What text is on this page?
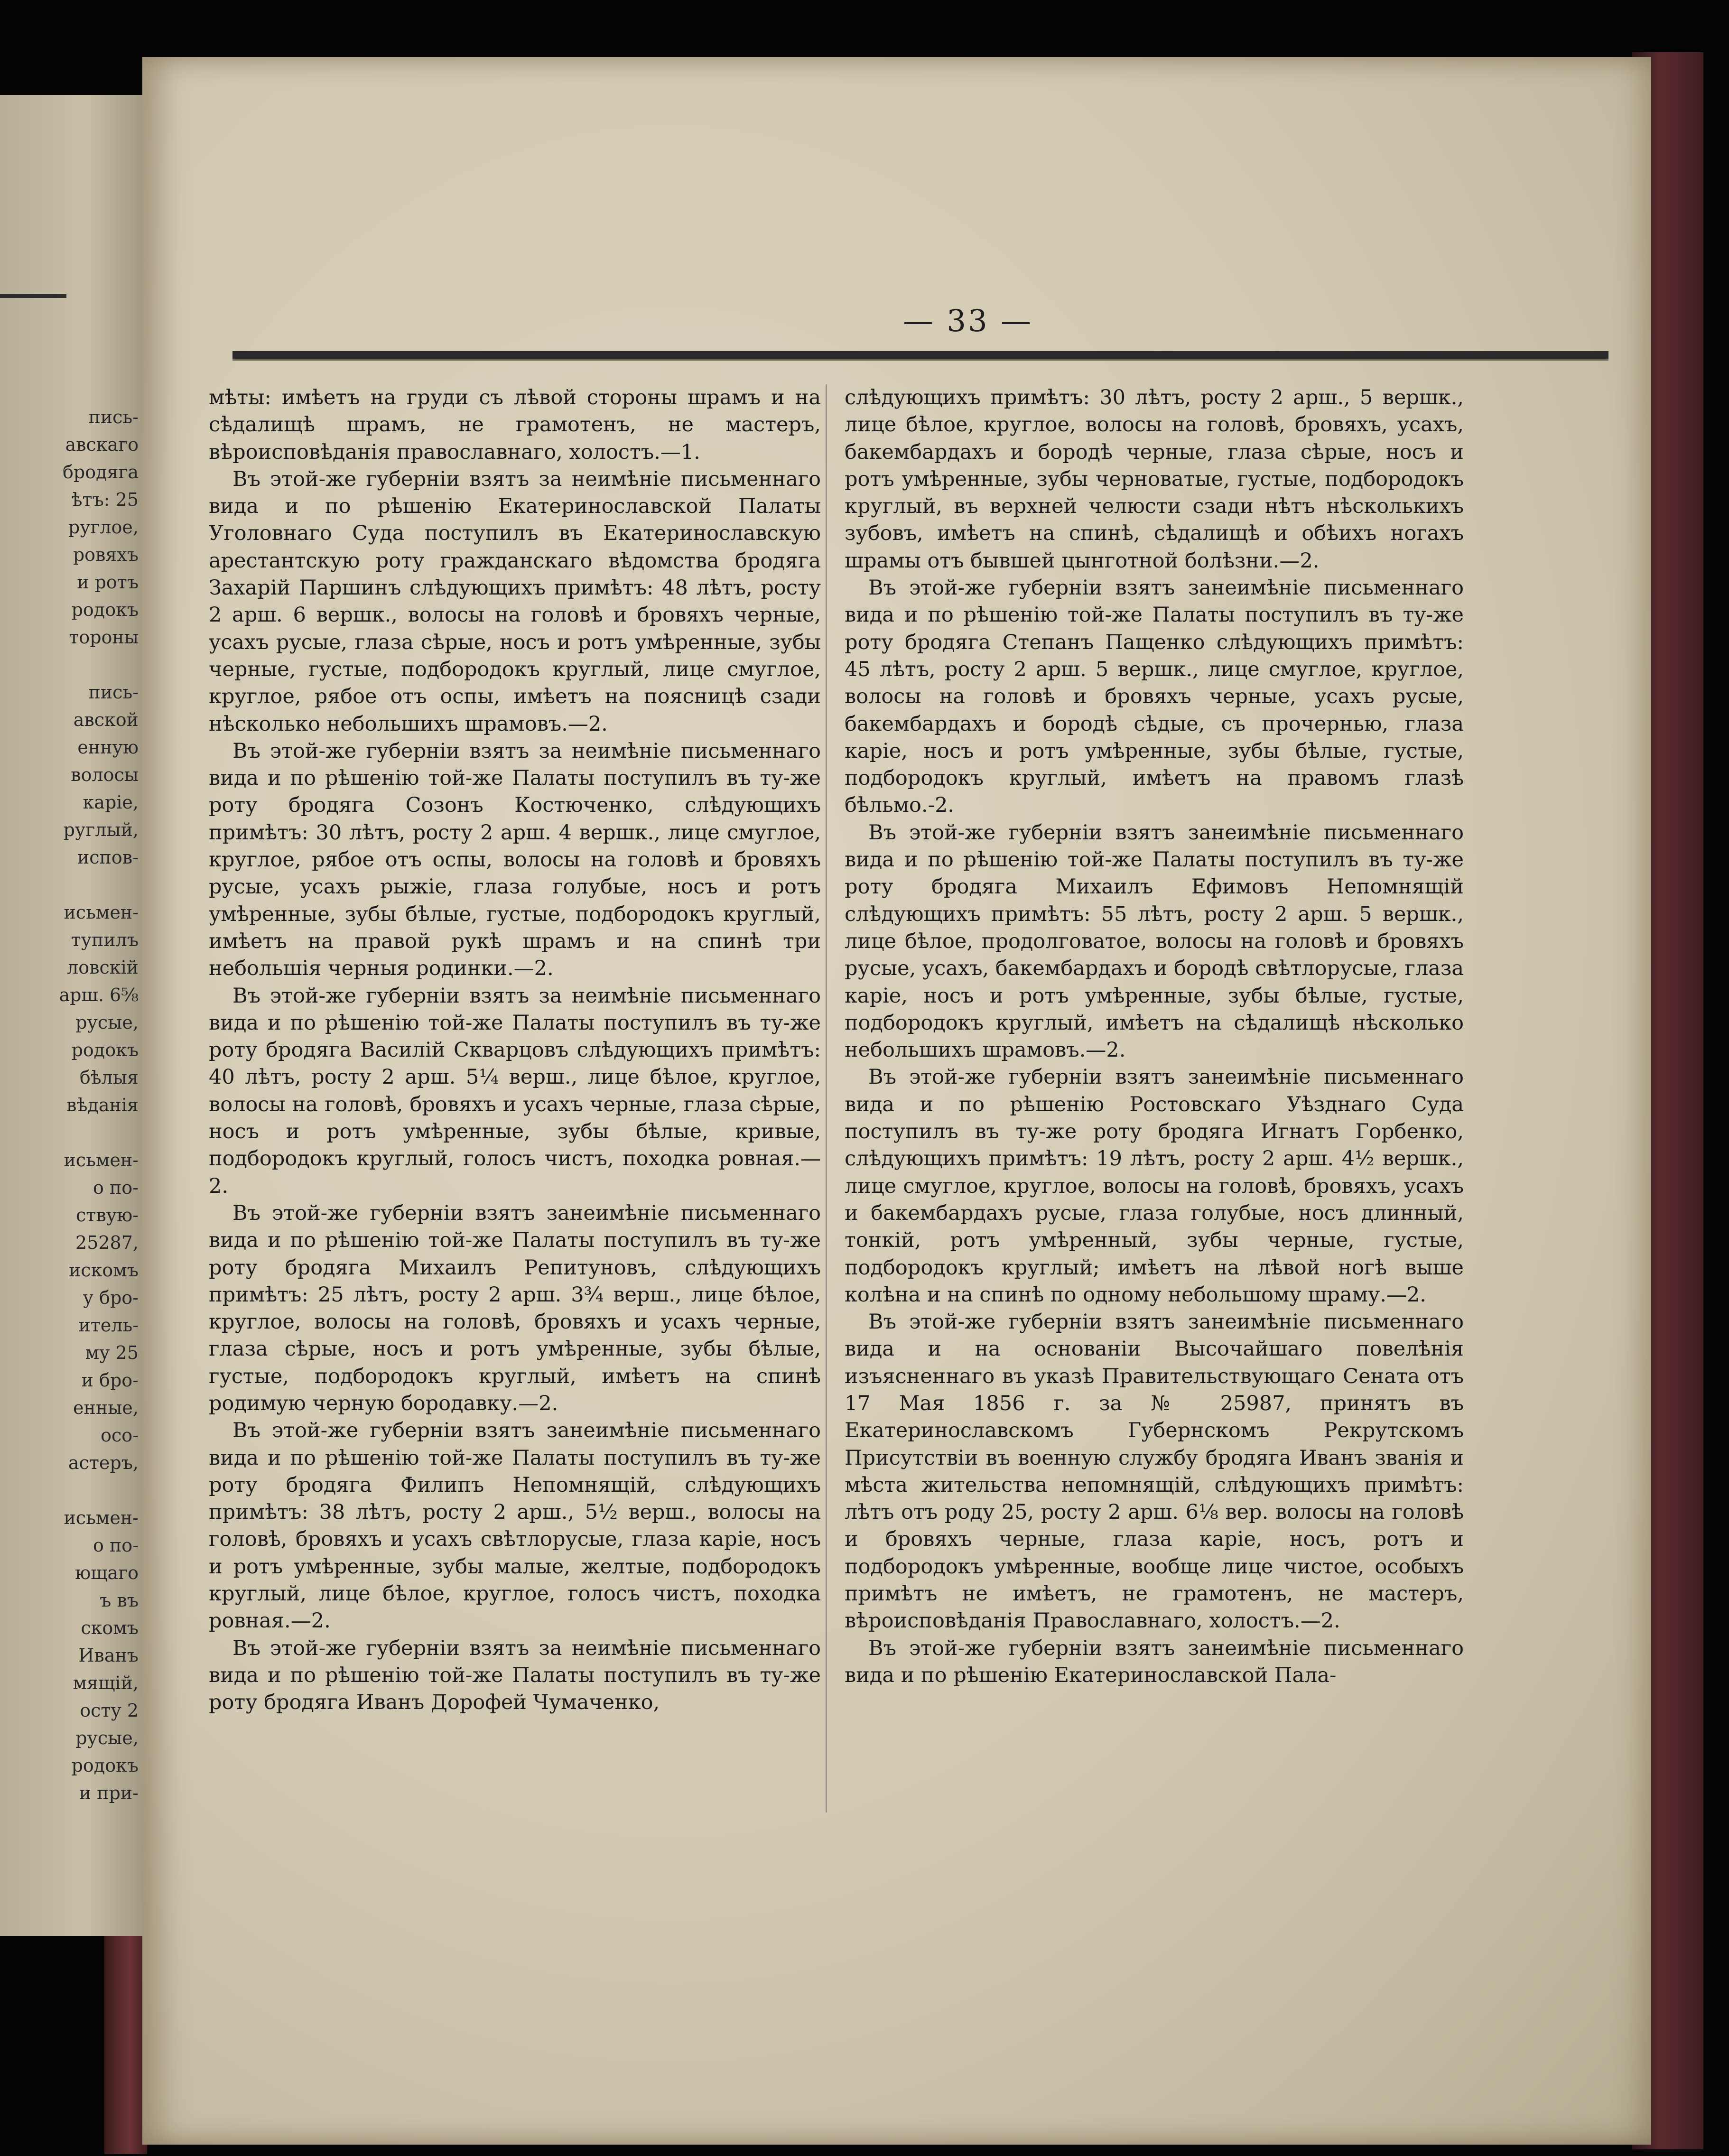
пись-
авскаго
бродяга
ѣтъ: 25
руглое,
ровяхъ
и ротъ
родокъ
тороны
пись-
авской
енную
волосы
каріе,
руглый,
испов-
исьмен-
тупилъ
ловскій
арш. 6⅝
русые,
родокъ
бѣлыя
вѣданія
исьмен-
о по-
ствую-
25287,
искомъ
у бро-
итель-
му 25
и бро-
енные,
осо-
астеръ,
исьмен-
о по-
ющаго
ъ въ
скомъ
Иванъ
мящій,
осту 2
русые,
родокъ
и при-
— 33 —

мѣты: имѣетъ на груди съ лѣвой стороны шрамъ и на сѣдалищѣ шрамъ, не грамотенъ, не мастеръ, вѣроисповѣданія православнаго, холостъ.—1.

Въ этой-же губерніи взятъ за неимѣніе письменнаго вида и по рѣшенію Екатеринославской Палаты Уголовнаго Суда поступилъ въ Екатеринославскую арестантскую роту гражданскаго вѣдомства бродяга Захарій Паршинъ слѣдующихъ примѣтъ: 48 лѣтъ, росту 2 арш. 6 вершк., волосы на головѣ и бровяхъ черные, усахъ русые, глаза сѣрые, носъ и ротъ умѣренные, зубы черные, густые, подбородокъ круглый, лице смуглое, круглое, рябое отъ оспы, имѣетъ на поясницѣ сзади нѣсколько небольшихъ шрамовъ.—2.

Въ этой-же губерніи взятъ за неимѣніе письменнаго вида и по рѣшенію той-же Палаты поступилъ въ ту-же роту бродяга Созонъ Костюченко, слѣдующихъ примѣтъ: 30 лѣтъ, росту 2 арш. 4 вершк., лице смуглое, круглое, рябое отъ оспы, волосы на головѣ и бровяхъ русые, усахъ рыжіе, глаза голубые, носъ и ротъ умѣренные, зубы бѣлые, густые, подбородокъ круглый, имѣетъ на правой рукѣ шрамъ и на спинѣ три небольшія черныя родинки.—2.

Въ этой-же губерніи взятъ за неимѣніе письменнаго вида и по рѣшенію той-же Палаты поступилъ въ ту-же роту бродяга Василій Скварцовъ слѣдующихъ примѣтъ: 40 лѣтъ, росту 2 арш. 5¼ верш., лице бѣлое, круглое, волосы на головѣ, бровяхъ и усахъ черные, глаза сѣрые, носъ и ротъ умѣренные, зубы бѣлые, кривые, подбородокъ круглый, голосъ чистъ, походка ровная.—2.

Въ этой-же губерніи взятъ занеимѣніе письменнаго вида и по рѣшенію той-же Палаты поступилъ въ ту-же роту бродяга Михаилъ Репитуновъ, слѣдующихъ примѣтъ: 25 лѣтъ, росту 2 арш. 3¾ верш., лице бѣлое, круглое, волосы на головѣ, бровяхъ и усахъ черные, глаза сѣрые, носъ и ротъ умѣренные, зубы бѣлые, густые, подбородокъ круглый, имѣетъ на спинѣ родимую черную бородавку.—2.

Въ этой-же губерніи взятъ занеимѣніе письменнаго вида и по рѣшенію той-же Палаты поступилъ въ ту-же роту бродяга Филипъ Непомнящій, слѣдующихъ примѣтъ: 38 лѣтъ, росту 2 арш., 5½ верш., волосы на головѣ, бровяхъ и усахъ свѣтлорусые, глаза каріе, носъ и ротъ умѣренные, зубы малые, желтые, подбородокъ круглый, лице бѣлое, круглое, голосъ чистъ, походка ровная.—2.

Въ этой-же губерніи взятъ за неимѣніе письменнаго вида и по рѣшенію той-же Палаты поступилъ въ ту-же роту бродяга Иванъ Дорофей Чумаченко,

слѣдующихъ примѣтъ: 30 лѣтъ, росту 2 арш., 5 вершк., лице бѣлое, круглое, волосы на головѣ, бровяхъ, усахъ, бакембардахъ и бородѣ черные, глаза сѣрые, носъ и ротъ умѣренные, зубы черноватые, густые, подбородокъ круглый, въ верхней челюсти сзади нѣтъ нѣсколькихъ зубовъ, имѣетъ на спинѣ, сѣдалищѣ и обѣихъ ногахъ шрамы отъ бывшей цынготной болѣзни.—2.

Въ этой-же губерніи взятъ занеимѣніе письменнаго вида и по рѣшенію той-же Палаты поступилъ въ ту-же роту бродяга Степанъ Пащенко слѣдующихъ примѣтъ: 45 лѣтъ, росту 2 арш. 5 вершк., лице смуглое, круглое, волосы на головѣ и бровяхъ черные, усахъ русые, бакембардахъ и бородѣ сѣдые, съ прочернью, глаза каріе, носъ и ротъ умѣренные, зубы бѣлые, густые, подбородокъ круглый, имѣетъ на правомъ глазѣ бѣльмо.-2.

Въ этой-же губерніи взятъ занеимѣніе письменнаго вида и по рѣшенію той-же Палаты поступилъ въ ту-же роту бродяга Михаилъ Ефимовъ Непомнящій слѣдующихъ примѣтъ: 55 лѣтъ, росту 2 арш. 5 вершк., лице бѣлое, продолговатое, волосы на головѣ и бровяхъ русые, усахъ, бакембардахъ и бородѣ свѣтлорусые, глаза каріе, носъ и ротъ умѣренные, зубы бѣлые, густые, подбородокъ круглый, имѣетъ на сѣдалищѣ нѣсколько небольшихъ шрамовъ.—2.

Въ этой-же губерніи взятъ занеимѣніе письменнаго вида и по рѣшенію Ростовскаго Уѣзднаго Суда поступилъ въ ту-же роту бродяга Игнатъ Горбенко, слѣдующихъ примѣтъ: 19 лѣтъ, росту 2 арш. 4½ вершк., лице смуглое, круглое, волосы на головѣ, бровяхъ, усахъ и бакембардахъ русые, глаза голубые, носъ длинный, тонкій, ротъ умѣренный, зубы черные, густые, подбородокъ круглый; имѣетъ на лѣвой ногѣ выше колѣна и на спинѣ по одному небольшому шраму.—2.

Въ этой-же губерніи взятъ занеимѣніе письменнаго вида и на основаніи Высочайшаго повелѣнія изъясненнаго въ указѣ Правительствующаго Сената отъ 17 Мая 1856 г. за № 25987, принятъ въ Екатеринославскомъ Губернскомъ Рекрутскомъ Присутствіи въ военную службу бродяга Иванъ званія и мѣста жительства непомнящій, слѣдующихъ примѣтъ: лѣтъ отъ роду 25, росту 2 арш. 6⅛ вер. волосы на головѣ и бровяхъ черные, глаза каріе, носъ, ротъ и подбородокъ умѣренные, вообще лице чистое, особыхъ примѣтъ не имѣетъ, не грамотенъ, не мастеръ, вѣроисповѣданія Православнаго, холостъ.—2.

Въ этой-же губерніи взятъ занеимѣніе письменнаго вида и по рѣшенію Екатеринославской Пала-
